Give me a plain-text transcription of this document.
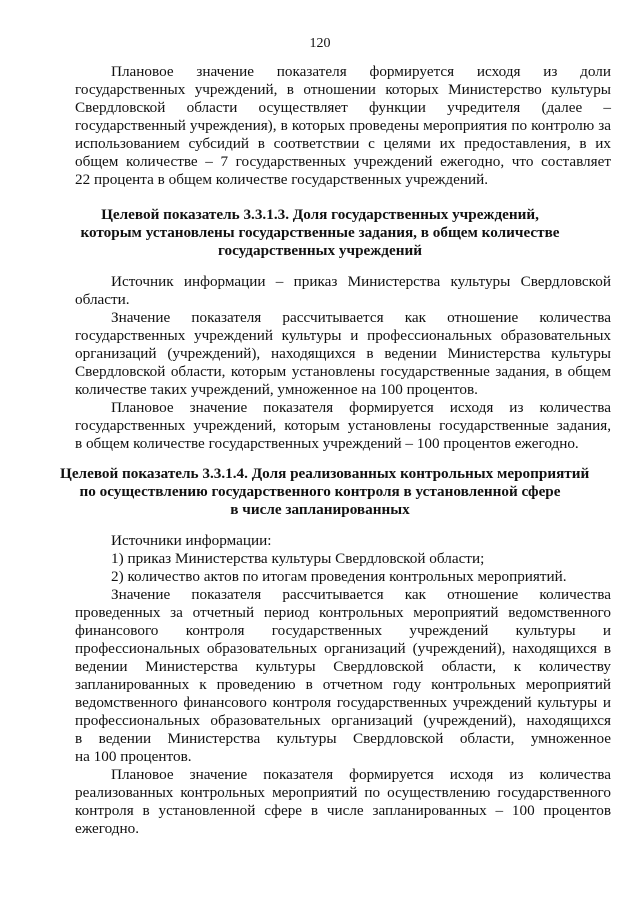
120
Плановое значение показателя формируется исходя из доли
государственных учреждений, в отношении которых Министерство культуры
Свердловской области осуществляет функции учредителя (далее –
государственный учреждения), в которых проведены мероприятия по контролю за
использованием субсидий в соответствии с целями их предоставления, в их
общем количестве – 7 государственных учреждений ежегодно, что составляет
22 процента в общем количестве государственных учреждений.
Целевой показатель 3.3.1.3. Доля государственных учреждений,
которым установлены государственные задания, в общем количестве
государственных учреждений
Источник информации – приказ Министерства культуры Свердловской
области.
Значение показателя рассчитывается как отношение количества
государственных учреждений культуры и профессиональных образовательных
организаций (учреждений), находящихся в ведении Министерства культуры
Свердловской области, которым установлены государственные задания, в общем
количестве таких учреждений, умноженное на 100 процентов.
Плановое значение показателя формируется исходя из количества
государственных учреждений, которым установлены государственные задания,
в общем количестве государственных учреждений – 100 процентов ежегодно.
Целевой показатель 3.3.1.4. Доля реализованных контрольных мероприятий
по осуществлению государственного контроля в установленной сфере
в числе запланированных
Источники информации:
1) приказ Министерства культуры Свердловской области;
2) количество актов по итогам проведения контрольных мероприятий.
Значение показателя рассчитывается как отношение количества
проведенных за отчетный период контрольных мероприятий ведомственного
финансового контроля государственных учреждений культуры и
профессиональных образовательных организаций (учреждений), находящихся в
ведении Министерства культуры Свердловской области, к количеству
запланированных к проведению в отчетном году контрольных мероприятий
ведомственного финансового контроля государственных учреждений культуры и
профессиональных образовательных организаций (учреждений), находящихся
в ведении Министерства культуры Свердловской области, умноженное
на 100 процентов.
Плановое значение показателя формируется исходя из количества
реализованных контрольных мероприятий по осуществлению государственного
контроля в установленной сфере в числе запланированных – 100 процентов
ежегодно.
